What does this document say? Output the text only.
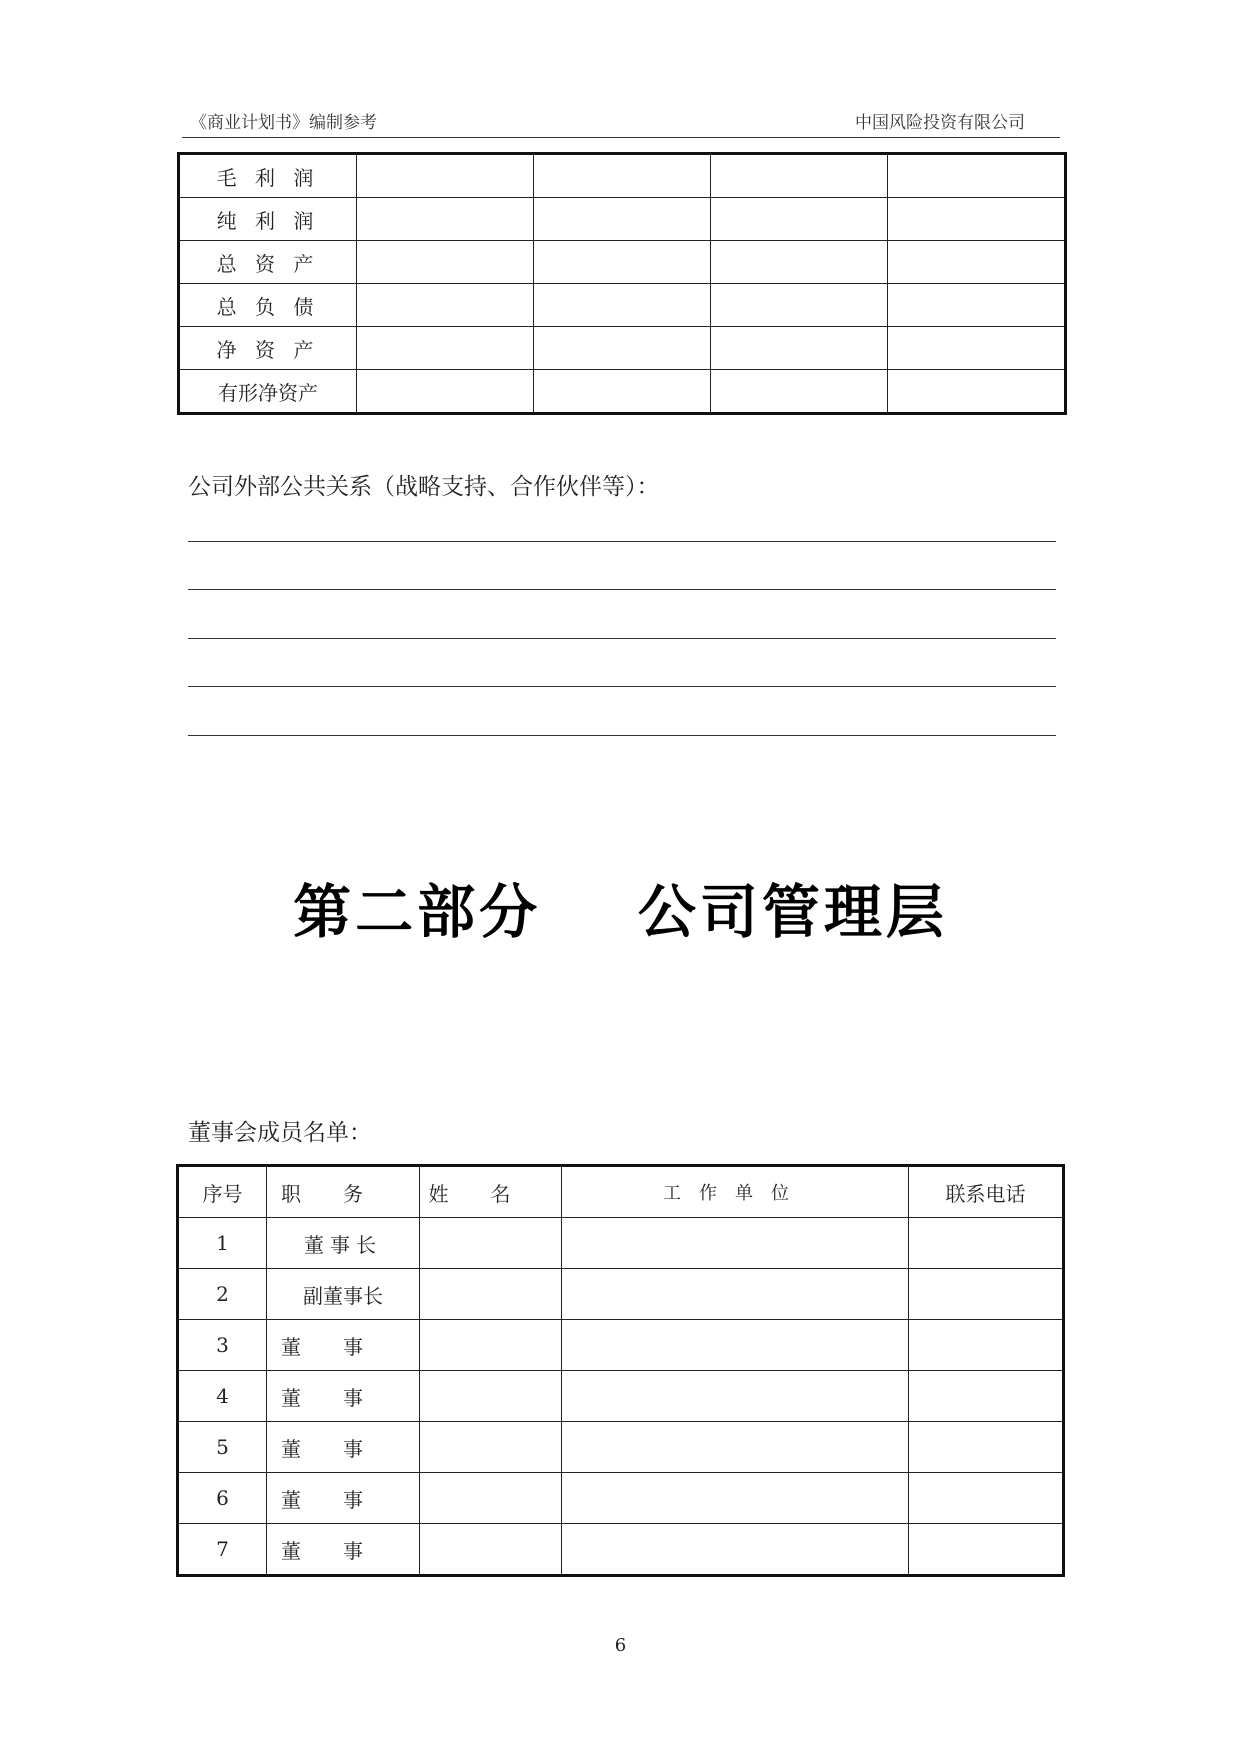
《商业计划书》编制参考	中国风险投资有限公司
毛 利 润				
纯 利 润				
总 资 产				
总 负 债				
净 资 产				
有形净资产				
公司外部公共关系（战略支持、合作伙伴等）：
第二部分    公司管理层
董事会成员名单：
序号	职务	姓名	工作单位	联系电话
1	董事长			
2	副董事长			
3	董事			
4	董事			
5	董事			
6	董事			
7	董事			
6
